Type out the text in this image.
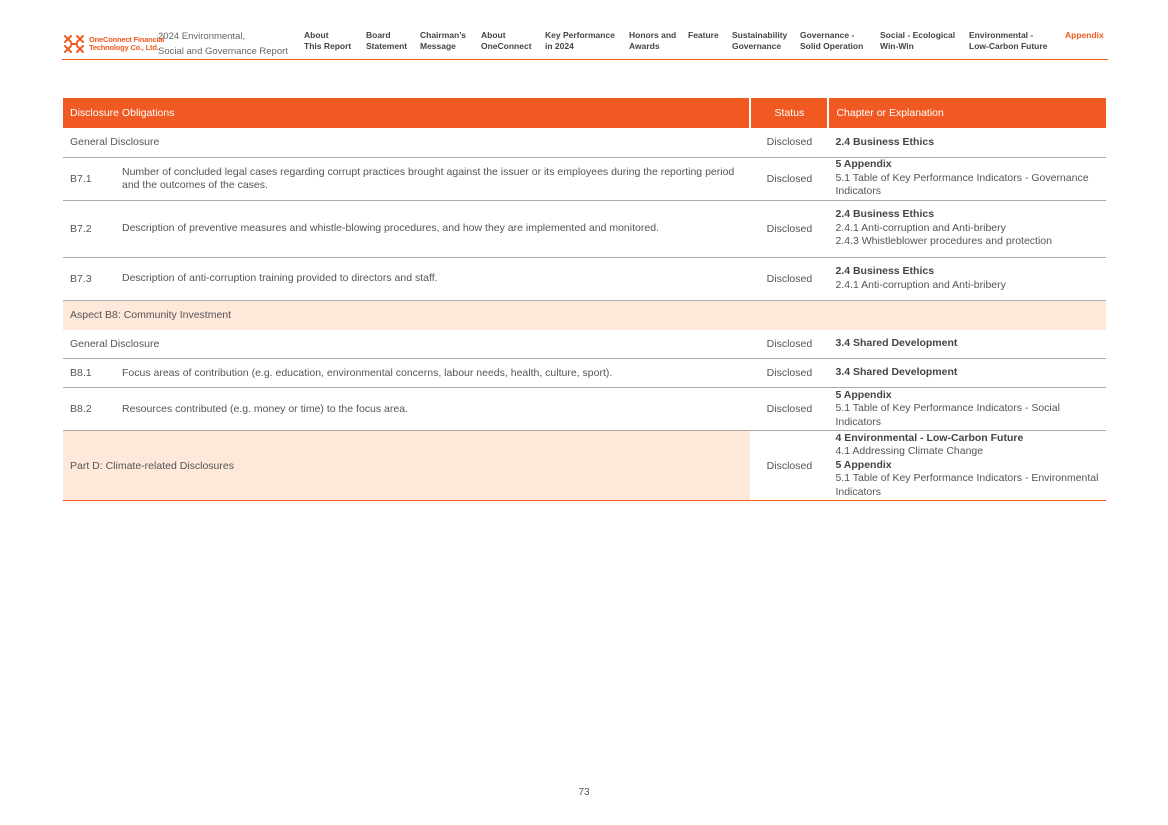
OneConnect Financial
Technology Co., Ltd.
2024 Environmental,
Social and Governance Report
About
This Report
Board
Statement
Chairman’s
Message
About
OneConnect
Key Performance
in 2024
Honors and
Awards
Feature Sustainability
Governance
Governance -
Solid Operation
Social - Ecological
Win-Win
Environmental -
Low-Carbon Future
Appendix
Disclosure Obligations		Status	Chapter or Explanation
General Disclosure		Disclosed	2.4 Business Ethics
B7.1	Number of concluded legal cases regarding corrupt practices brought against the issuer or its employees during the reporting period and the outcomes of the cases.	Disclosed	5 Appendix
5.1 Table of Key Performance Indicators - Governance Indicators
B7.2	Description of preventive measures and whistle-blowing procedures, and how they are implemented and monitored.	Disclosed	2.4 Business Ethics
2.4.1 Anti-corruption and Anti-bribery
2.4.3 Whistleblower procedures and protection
B7.3	Description of anti-corruption training provided to directors and staff.	Disclosed	2.4 Business Ethics
2.4.1 Anti-corruption and Anti-bribery
Aspect B8: Community Investment			
General Disclosure		Disclosed	3.4 Shared Development
B8.1	Focus areas of contribution (e.g. education, environmental concerns, labour needs, health, culture, sport).	Disclosed	3.4 Shared Development
B8.2	Resources contributed (e.g. money or time) to the focus area.	Disclosed	5 Appendix
5.1 Table of Key Performance Indicators - Social Indicators
Part D: Climate-related Disclosures		Disclosed	4 Environmental - Low-Carbon Future
4.1 Addressing Climate Change
5 Appendix
5.1 Table of Key Performance Indicators - Environmental Indicators
73
